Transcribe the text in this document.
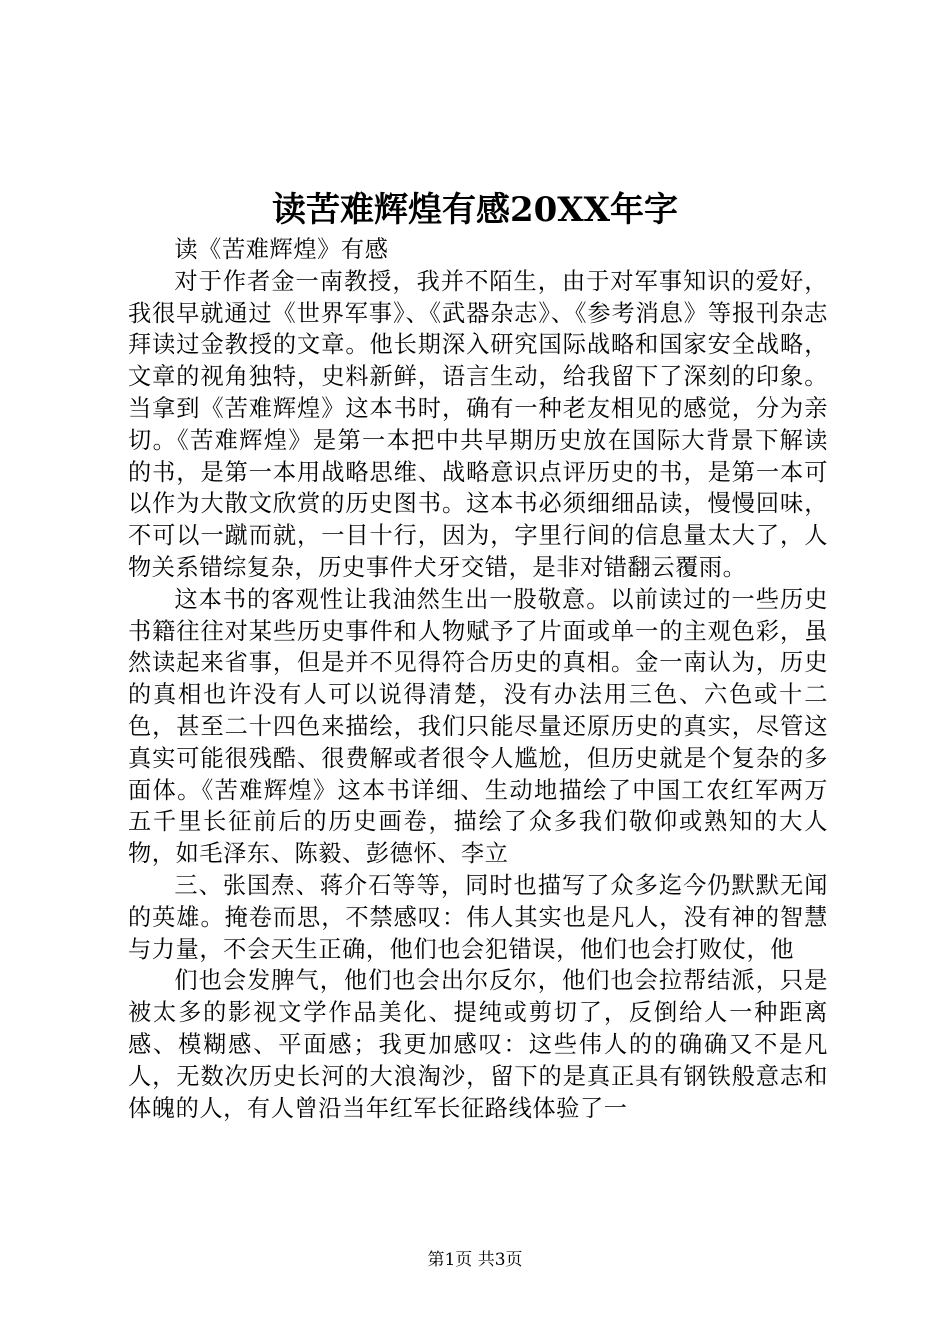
读苦难辉煌有感20XX年字

读《苦难辉煌》有感

对于作者金一南教授，我并不陌生，由于对军事知识的爱好，我很早就通过《世界军事》、《武器杂志》、《参考消息》等报刊杂志拜读过金教授的文章。他长期深入研究国际战略和国家安全战略，文章的视角独特，史料新鲜，语言生动，给我留下了深刻的印象。当拿到《苦难辉煌》这本书时，确有一种老友相见的感觉，分为亲切。《苦难辉煌》是第一本把中共早期历史放在国际大背景下解读的书，是第一本用战略思维、战略意识点评历史的书，是第一本可以作为大散文欣赏的历史图书。这本书必须细细品读，慢慢回味，不可以一蹴而就，一目十行，因为，字里行间的信息量太大了，人物关系错综复杂，历史事件犬牙交错，是非对错翻云覆雨。

这本书的客观性让我油然生出一股敬意。以前读过的一些历史书籍往往对某些历史事件和人物赋予了片面或单一的主观色彩，虽然读起来省事，但是并不见得符合历史的真相。金一南认为，历史的真相也许没有人可以说得清楚，没有办法用三色、六色或十二色，甚至二十四色来描绘，我们只能尽量还原历史的真实，尽管这真实可能很残酷、很费解或者很令人尴尬，但历史就是个复杂的多面体。《苦难辉煌》这本书详细、生动地描绘了中国工农红军两万五千里长征前后的历史画卷，描绘了众多我们敬仰或熟知的大人物，如毛泽东、陈毅、彭德怀、李立

三、张国焘、蒋介石等等，同时也描写了众多迄今仍默默无闻的英雄。掩卷而思，不禁感叹：伟人其实也是凡人，没有神的智慧与力量，不会天生正确，他们也会犯错误，他们也会打败仗，他

们也会发脾气，他们也会出尔反尔，他们也会拉帮结派，只是被太多的影视文学作品美化、提纯或剪切了，反倒给人一种距离感、模糊感、平面感；我更加感叹：这些伟人的的确确又不是凡人，无数次历史长河的大浪淘沙，留下的是真正具有钢铁般意志和体魄的人，有人曾沿当年红军长征路线体验了一

第1页 共3页
